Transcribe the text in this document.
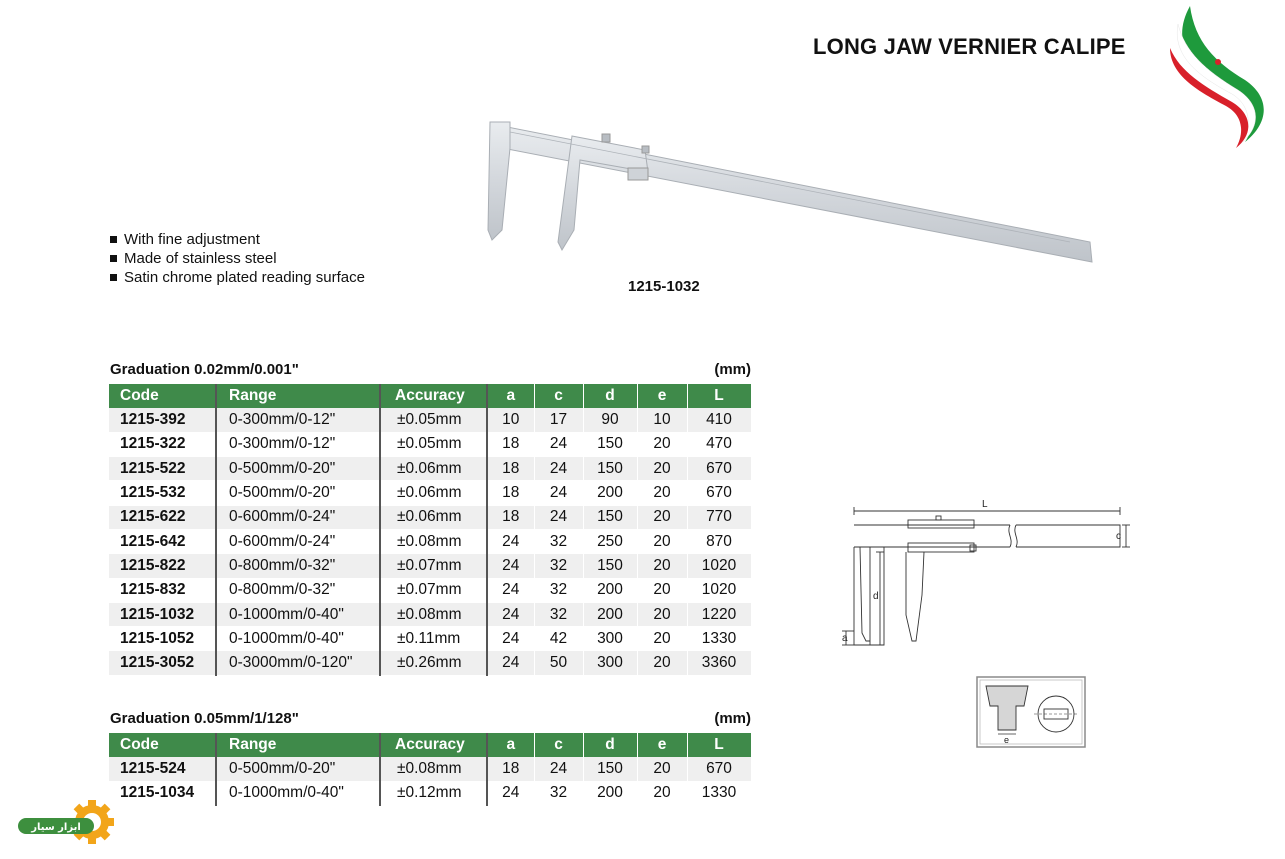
LONG JAW VERNIER CALIPE
1215-1032
With fine adjustment
Made of stainless steel
Satin chrome plated reading surface
Graduation 0.02mm/0.001"	(mm)
Code	Range	Accuracy	a	c	d	e	L
1215-392	0-300mm/0-12"	±0.05mm	10	17	90	10	410
1215-322	0-300mm/0-12"	±0.05mm	18	24	150	20	470
1215-522	0-500mm/0-20"	±0.06mm	18	24	150	20	670
1215-532	0-500mm/0-20"	±0.06mm	18	24	200	20	670
1215-622	0-600mm/0-24"	±0.06mm	18	24	150	20	770
1215-642	0-600mm/0-24"	±0.08mm	24	32	250	20	870
1215-822	0-800mm/0-32"	±0.07mm	24	32	150	20	1020
1215-832	0-800mm/0-32"	±0.07mm	24	32	200	20	1020
1215-1032	0-1000mm/0-40"	±0.08mm	24	32	200	20	1220
1215-1052	0-1000mm/0-40"	±0.11mm	24	42	300	20	1330
1215-3052	0-3000mm/0-120"	±0.26mm	24	50	300	20	3360
Graduation 0.05mm/1/128"	(mm)
Code	Range	Accuracy	a	c	d	e	L
1215-524	0-500mm/0-20"	±0.08mm	18	24	150	20	670
1215-1034	0-1000mm/0-40"	±0.12mm	24	32	200	20	1330
L
c
d
a
e
ابزار سیار
